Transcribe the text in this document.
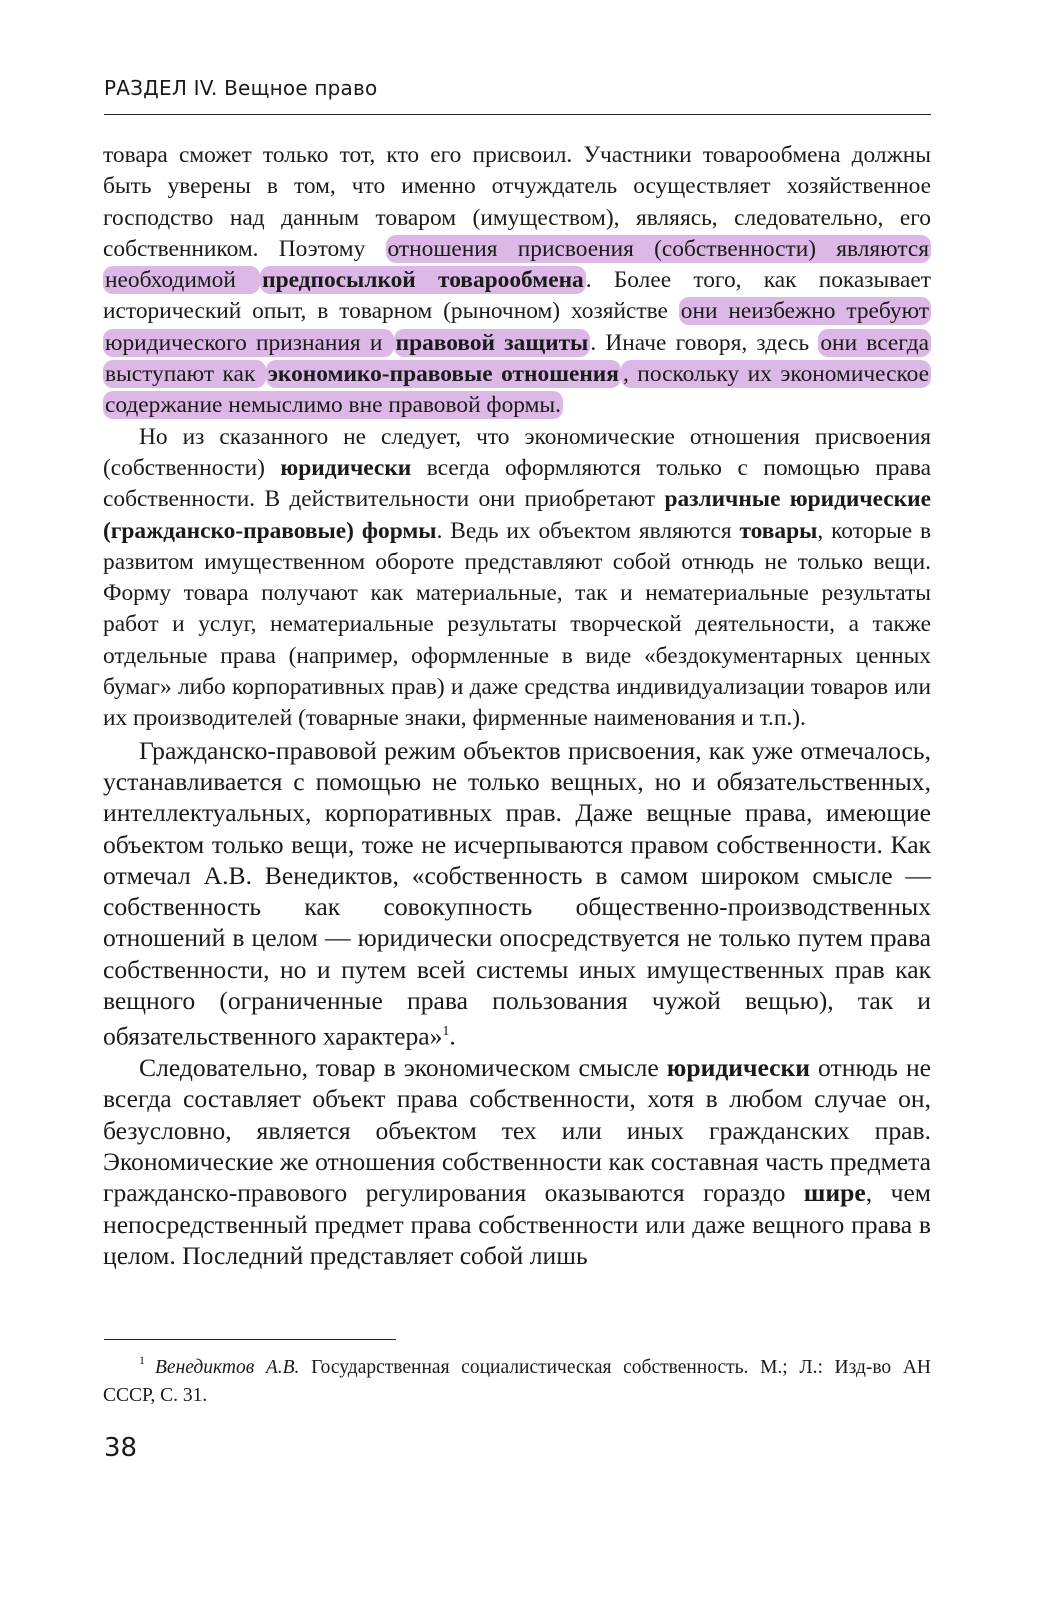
РАЗДЕЛ IV. Вещное право

товара сможет только тот, кто его присвоил. Участники товарообмена должны быть уверены в том, что именно отчуждатель осуществляет хозяйственное господство над данным товаром (имуществом), являясь, следовательно, его собственником. Поэтому отношения присвоения (собственности) являются необходимой предпосылкой товарообмена. Более того, как показывает исторический опыт, в товарном (рыночном) хозяйстве они неизбежно требуют юридического признания и правовой защиты. Иначе говоря, здесь они всегда выступают как экономико-правовые отношения , поскольку их экономическое содержание немыслимо вне правовой формы.

Но из сказанного не следует, что экономические отношения присвоения (собственности) юридически всегда оформляются только с помощью права собственности. В действительности они приобретают различные юридические (гражданско-правовые) формы. Ведь их объектом являются товары, которые в развитом имущественном обороте представляют собой отнюдь не только вещи. Форму товара получают как материальные, так и нематериальные результаты работ и услуг, нематериальные результаты творческой деятельности, а также отдельные права (например, оформленные в виде «бездокументарных ценных бумаг» либо корпоративных прав) и даже средства индивидуализации товаров или их производителей (товарные знаки, фирменные наименования и т.п.).

Гражданско-правовой режим объектов присвоения, как уже отмечалось, устанавливается с помощью не только вещных, но и обязательственных, интеллектуальных, корпоративных прав. Даже вещные права, имеющие объектом только вещи, тоже не исчерпываются правом собственности. Как отмечал А.В. Венедиктов, «собственность в самом широком смысле — собственность как совокупность общественно-производственных отношений в целом — юридически опосредствуется не только путем права собственности, но и путем всей системы иных имущественных прав как вещного (ограниченные права пользования чужой вещью), так и обязательственного характера»$^1$.

Следовательно, товар в экономическом смысле юридически отнюдь не всегда составляет объект права собственности, хотя в любом случае он, безусловно, является объектом тех или иных гражданских прав. Экономические же отношения собственности как составная часть предмета гражданско-правового регулирования оказываются гораздо шире, чем непосредственный предмет права собственности или даже вещного права в целом. Последний представляет собой лишь

$^1$ Венедиктов А.В. Государственная социалистическая собственность. М.; Л.: Изд-во АН СССР, С. 31.
38
